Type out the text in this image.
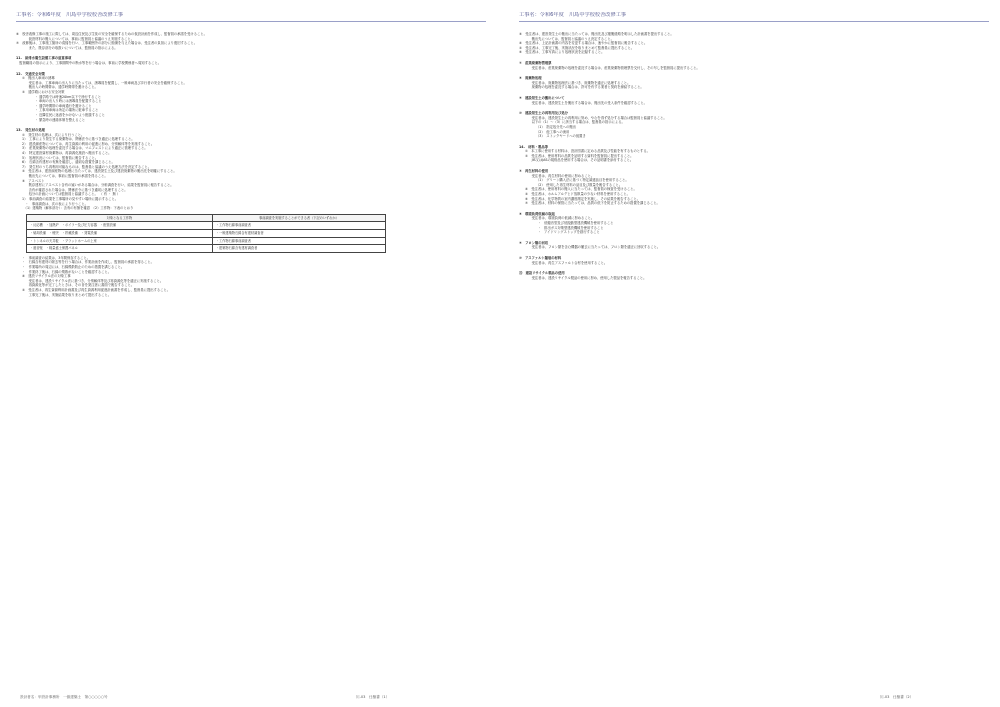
工事名：令和6年度　川島中学校校舎改修工事
⑥　校舎改修工事の施工に際しては、周辺住民及び生徒の安全を確保するための仮設計画を作成し、監督員の承諾を受けること。
　　仮設材料の搬入については、事前に監督員と協議のうえ実施すること。
⑦　改修後は、工事施工箇所の清掃を行い、工事範囲外の部分に損傷を与えた場合は、受注者の負担により復旧すること。
　　また、既存部分の取扱いについては、監督員の指示による。
11.　給排水衛生設備工事の留意事項
　監督職員の指示により、工事期間中の断水等を行う場合は、事前に学校関係者へ周知すること。
12.　交通安全対策
①　搬出入車両の誘導
　　受注者は、工事車両の出入りに当たっては、誘導員を配置し、一般車両及び歩行者の安全を確保すること。
　　搬出入の時間帯は、通学時間帯を避けること。
②　通学路における安全対策
　　・ 通学路では時速20km以下で徐行すること
　　・ 車両の出入り時には誘導員を配置すること
　　・ 通学時間帯の車両通行を避けること
　　・ 工事用車両は所定の場所に駐車すること
　　・ 近隣住民に迷惑をかけないよう配慮すること
　　・ 緊急時の連絡体制を整えること
13.　発生材の処理
①　発生材の処理は、次により行うこと。
1）　工事により発生する廃棄物は、関係法令に基づき適正に処理すること。
2）　建設副産物については、再生資源の利用の促進に努め、分別解体等を実施すること。
3）　産業廃棄物の処理を委託する場合は、マニフェストにより適正に管理すること。
4）　特定建設資材廃棄物は、再資源化施設へ搬出すること。
5）　処理状況については、監督員に報告すること。
6）　石綿含有建材の有無を確認し、適切な措置を講じること。
7）　発生材のうち再利用可能なものは、監督員と協議のうえ処理方法を決定すること。
②　受注者は、建設副産物の処理に当たっては、建設発生土及び建設廃棄物の搬出先を明確にすること。
　　搬出先については、事前に監督員の承諾を得ること。
③　アスベスト
　　既存建材にアスベスト含有の疑いがある場合は、分析調査を行い、結果を監督員に報告すること。
　　含有が確認された場合は、関係法令に基づき適切に処理すること。
　　処分の計画については監督員と協議すること。　（ 有 ・ 無 ）
1）　事前調査の結果を工事場所の見やすい場所に掲示すること。
　・　事前調査は、次の表により行うこと。
　（1）建築物（解体部分）：含有の有無を確認　（2）工作物：下表のとおり
対象となる工作物	事前調査を実施することができる者（下記のいずれか）
・反応槽　・加熱炉　・ボイラー及び圧力容器　・配管設備	・工作物石綿事前調査者
・焼却設備　・煙突　・貯蔵設備　・発電設備	・一般建築物石綿含有建材調査者
・トンネルの天井板　・プラットホームの上家	・工作物石綿事前調査者
・遮音壁　・軽量盛土保護パネル	・建築物石綿含有建材調査者
・　事前調査の結果は、3年間保存すること。
・　石綿含有建材の除去等を行う場合は、作業計画を作成し、監督員の承諾を得ること。
・　作業場所の周辺には、石綿飛散防止のための措置を講じること。
・　作業終了後は、石綿の飛散がないことを確認すること。
④　建設リサイクル法の対象工事
　　受注者は、建設リサイクル法に基づき、分別解体等及び再資源化等を適正に実施すること。
　　再資源化等が完了したときは、その旨を発注者に書面で報告すること。
⑤　受注者は、再生資源利用計画書及び再生資源利用促進計画書を作成し、監督員に提出すること。
　　工事完了後は、実施結果を取りまとめて提出すること。
工事名：令和6年度　川島中学校校舎改修工事
③　受注者は、建設発生土の搬出に当たっては、搬出先及び運搬経路を明示した計画書を提出すること。
　　搬出先については、監督員と協議のうえ決定すること。
④　受注者は、上記計画書の内容を変更する場合は、速やかに監督員に報告すること。
⑤　受注者は、工事完了後、実施状況を取りまとめて監督員に提出すること。
⑥　受注者は、工事写真により処理状況を記録すること。
⑦　産業廃棄物管理票
　　受注者は、産業廃棄物の処理を委託する場合は、産業廃棄物管理票を交付し、その写しを監督員に提出すること。
⑧　廃棄物処理
　　受注者は、廃棄物処理法に基づき、廃棄物を適正に処理すること。
　　廃棄物の処理を委託する場合は、許可を有する業者と契約を締結すること。
⑨　建設発生土の搬出について
　　受注者は、建設発生土を搬出する場合は、搬出先の受入条件を確認すること。
⑩　建設発生土の再利用及び処分
　　受注者は、建設発生土の再利用に努め、やむを得ず処分する場合は監督員と協議すること。
　　以下の（1）～（3）に該当する場合は、監督員の指示による。
　　（1）　指定処分先への搬出
　　（2）　他工事への流用
　　（3）　ストックヤードへの仮置き
14.　材料・製品等
①　本工事に使用する材料は、設計図書に定める品質及び性能を有するものとする。
②　受注者は、使用材料の品質を証明する資料を監督員に提出すること。
　　JIS又はJASの規格品を使用する場合は、その証明書を添付すること。
③　再生材料の使用
　　受注者は、再生材料の使用に努めること。
　　（1）　グリーン購入法に基づく特定調達品目を使用すること。
　　（2）　使用した再生材料の品目及び数量を報告すること。
④　受注者は、使用材料の搬入に当たっては、監督員の検査を受けること。
⑤　受注者は、ホルムアルデヒド放散量の少ない材料を使用すること。
⑥　受注者は、化学物質の室内濃度測定を実施し、その結果を報告すること。
⑦　受注者は、材料の保管に当たっては、品質の低下を防止するための措置を講じること。
⑧　環境負荷低減の取組
　　受注者は、環境負荷の低減に努めること。
　　・　低騒音型及び低振動型建設機械を使用すること
　　・　排出ガス対策型建設機械を使用すること
　　・　アイドリングストップを励行すること
⑨　フロン類の回収
　　受注者は、フロン類を含む機器の撤去に当たっては、フロン類を適正に回収すること。
⑩　アスファルト舗装の材料
　　受注者は、再生アスファルト合材を使用すること。
⑪　建設リサイクル製品の使用
　　受注者は、建設リサイクル製品の使用に努め、使用した製品を報告すること。
設計者名：甲設計事務所　一級建築士　第○○○○○号	川-03　仕様書（1）	川-03　仕様書（2）
